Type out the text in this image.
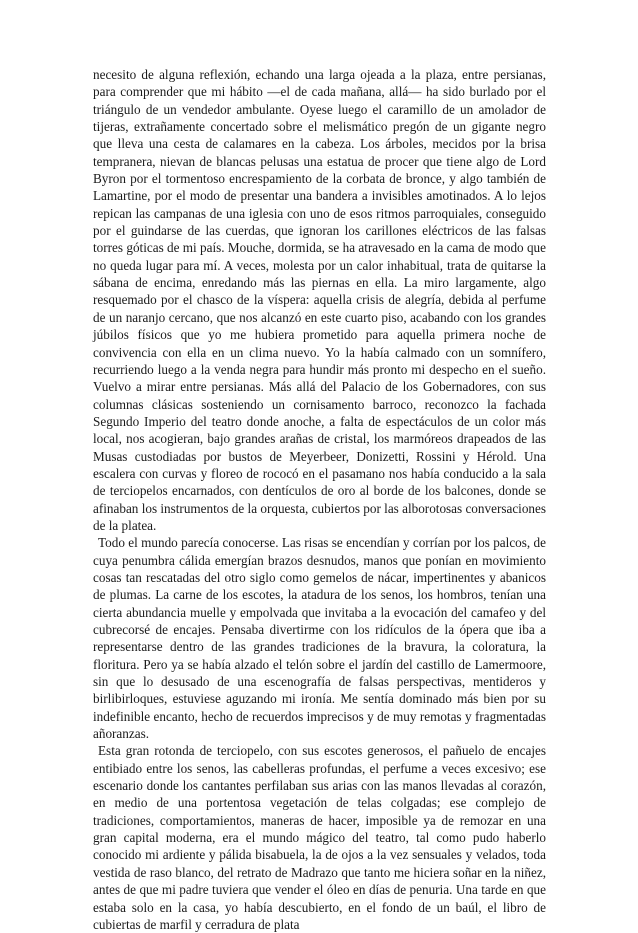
necesito de alguna reflexión, echando una larga ojeada a la plaza, entre persianas, para comprender que mi hábito —el de cada mañana, allá— ha sido burlado por el triángulo de un vendedor ambulante. Oyese luego el caramillo de un amolador de tijeras, extrañamente concertado sobre el melismático pregón de un gigante negro que lleva una cesta de calamares en la cabeza. Los árboles, mecidos por la brisa tempranera, nievan de blancas pelusas una estatua de procer que tiene algo de Lord Byron por el tormentoso encrespamiento de la corbata de bronce, y algo también de Lamartine, por el modo de presentar una bandera a invisibles amotinados. A lo lejos repican las campanas de una iglesia con uno de esos ritmos parroquiales, conseguido por el guindarse de las cuerdas, que ignoran los carillones eléctricos de las falsas torres góticas de mi país. Mouche, dormida, se ha atravesado en la cama de modo que no queda lugar para mí. A veces, molesta por un calor inhabitual, trata de quitarse la sábana de encima, enredando más las piernas en ella. La miro largamente, algo resquemado por el chasco de la víspera: aquella crisis de alegría, debida al perfume de un naranjo cercano, que nos alcanzó en este cuarto piso, acabando con los grandes júbilos físicos que yo me hubiera prometido para aquella primera noche de convivencia con ella en un clima nuevo. Yo la había calmado con un somnífero, recurriendo luego a la venda negra para hundir más pronto mi despecho en el sueño. Vuelvo a mirar entre persianas. Más allá del Palacio de los Gobernadores, con sus columnas clásicas sosteniendo un cornisamento barroco, reconozco la fachada Segundo Imperio del teatro donde anoche, a falta de espectáculos de un color más local, nos acogieran, bajo grandes arañas de cristal, los marmóreos drapeados de las Musas custodiadas por bustos de Meyerbeer, Donizetti, Rossini y Hérold. Una escalera con curvas y floreo de rococó en el pasamano nos había conducido a la sala de terciopelos encarnados, con dentículos de oro al borde de los balcones, donde se afinaban los instrumentos de la orquesta, cubiertos por las alborotosas conversaciones de la platea.

Todo el mundo parecía conocerse. Las risas se encendían y corrían por los palcos, de cuya penumbra cálida emergían brazos desnudos, manos que ponían en movimiento cosas tan rescatadas del otro siglo como gemelos de nácar, impertinentes y abanicos de plumas. La carne de los escotes, la atadura de los senos, los hombros, tenían una cierta abundancia muelle y empolvada que invitaba a la evocación del camafeo y del cubrecorsé de encajes. Pensaba divertirme con los ridículos de la ópera que iba a representarse dentro de las grandes tradiciones de la bravura, la coloratura, la floritura. Pero ya se había alzado el telón sobre el jardín del castillo de Lamermoore, sin que lo desusado de una escenografía de falsas perspectivas, mentideros y birlibirloques, estuviese aguzando mi ironía. Me sentía dominado más bien por su indefinible encanto, hecho de recuerdos imprecisos y de muy remotas y fragmentadas añoranzas.

Esta gran rotonda de terciopelo, con sus escotes generosos, el pañuelo de encajes entibiado entre los senos, las cabelleras profundas, el perfume a veces excesivo; ese escenario donde los cantantes perfilaban sus arias con las manos llevadas al corazón, en medio de una portentosa vegetación de telas colgadas; ese complejo de tradiciones, comportamientos, maneras de hacer, imposible ya de remozar en una gran capital moderna, era el mundo mágico del teatro, tal como pudo haberlo conocido mi ardiente y pálida bisabuela, la de ojos a la vez sensuales y velados, toda vestida de raso blanco, del retrato de Madrazo que tanto me hiciera soñar en la niñez, antes de que mi padre tuviera que vender el óleo en días de penuria. Una tarde en que estaba solo en la casa, yo había descubierto, en el fondo de un baúl, el libro de cubiertas de marfil y cerradura de plata
